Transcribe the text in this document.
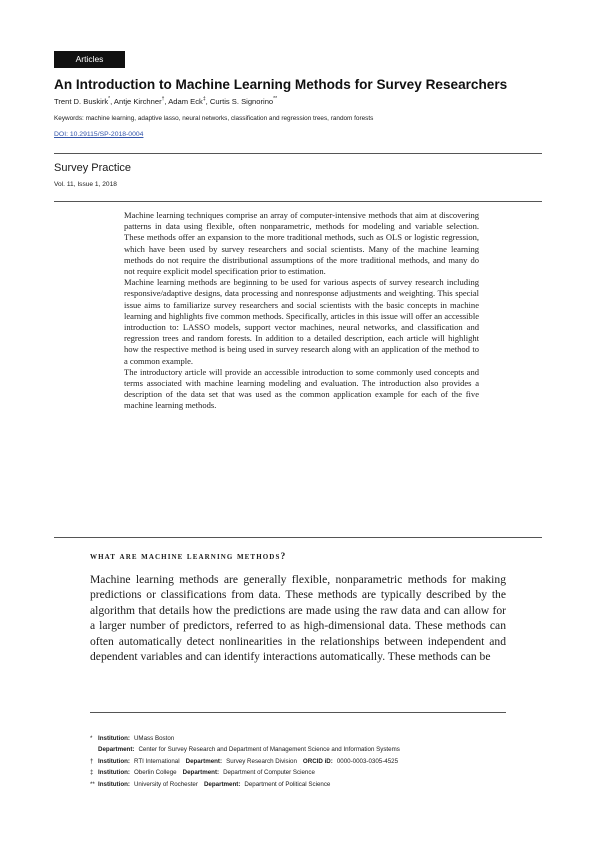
Articles
An Introduction to Machine Learning Methods for Survey Researchers
Trent D. Buskirk*, Antje Kirchner†, Adam Eck‡, Curtis S. Signorino**
Keywords: machine learning, adaptive lasso, neural networks, classification and regression trees, random forests
DOI: 10.29115/SP-2018-0004
Survey Practice
Vol. 11, Issue 1, 2018

Machine learning techniques comprise an array of computer-intensive methods that aim at discovering patterns in data using flexible, often nonparametric, methods for modeling and variable selection. These methods offer an expansion to the more traditional methods, such as OLS or logistic regression, which have been used by survey researchers and social scientists. Many of the machine learning methods do not require the distributional assumptions of the more traditional methods, and many do not require explicit model specification prior to estimation.

Machine learning methods are beginning to be used for various aspects of survey research including responsive/adaptive designs, data processing and nonresponse adjustments and weighting. This special issue aims to familiarize survey researchers and social scientists with the basic concepts in machine learning and highlights five common methods. Specifically, articles in this issue will offer an accessible introduction to: LASSO models, support vector machines, neural networks, and classification and regression trees and random forests. In addition to a detailed description, each article will highlight how the respective method is being used in survey research along with an application of the method to a common example.

The introductory article will provide an accessible introduction to some commonly used concepts and terms associated with machine learning modeling and evaluation. The introduction also provides a description of the data set that was used as the common application example for each of the five machine learning methods.

what are machine learning methods?
Machine learning methods are generally flexible, nonparametric methods for making predictions or classifications from data. These methods are typically described by the algorithm that details how the predictions are made using the raw data and can allow for a larger number of predictors, referred to as high-dimensional data. These methods can often automatically detect nonlinearities in the relationships between independent and dependent variables and can identify interactions automatically. These methods can be
* Institution: UMass Boston
Department: Center for Survey Research and Department of Management Science and Information Systems
† Institution: RTI International Department: Survey Research Division ORCID iD: 0000-0003-0305-4525
‡ Institution: Oberlin College Department: Department of Computer Science
** Institution: University of Rochester Department: Department of Political Science
